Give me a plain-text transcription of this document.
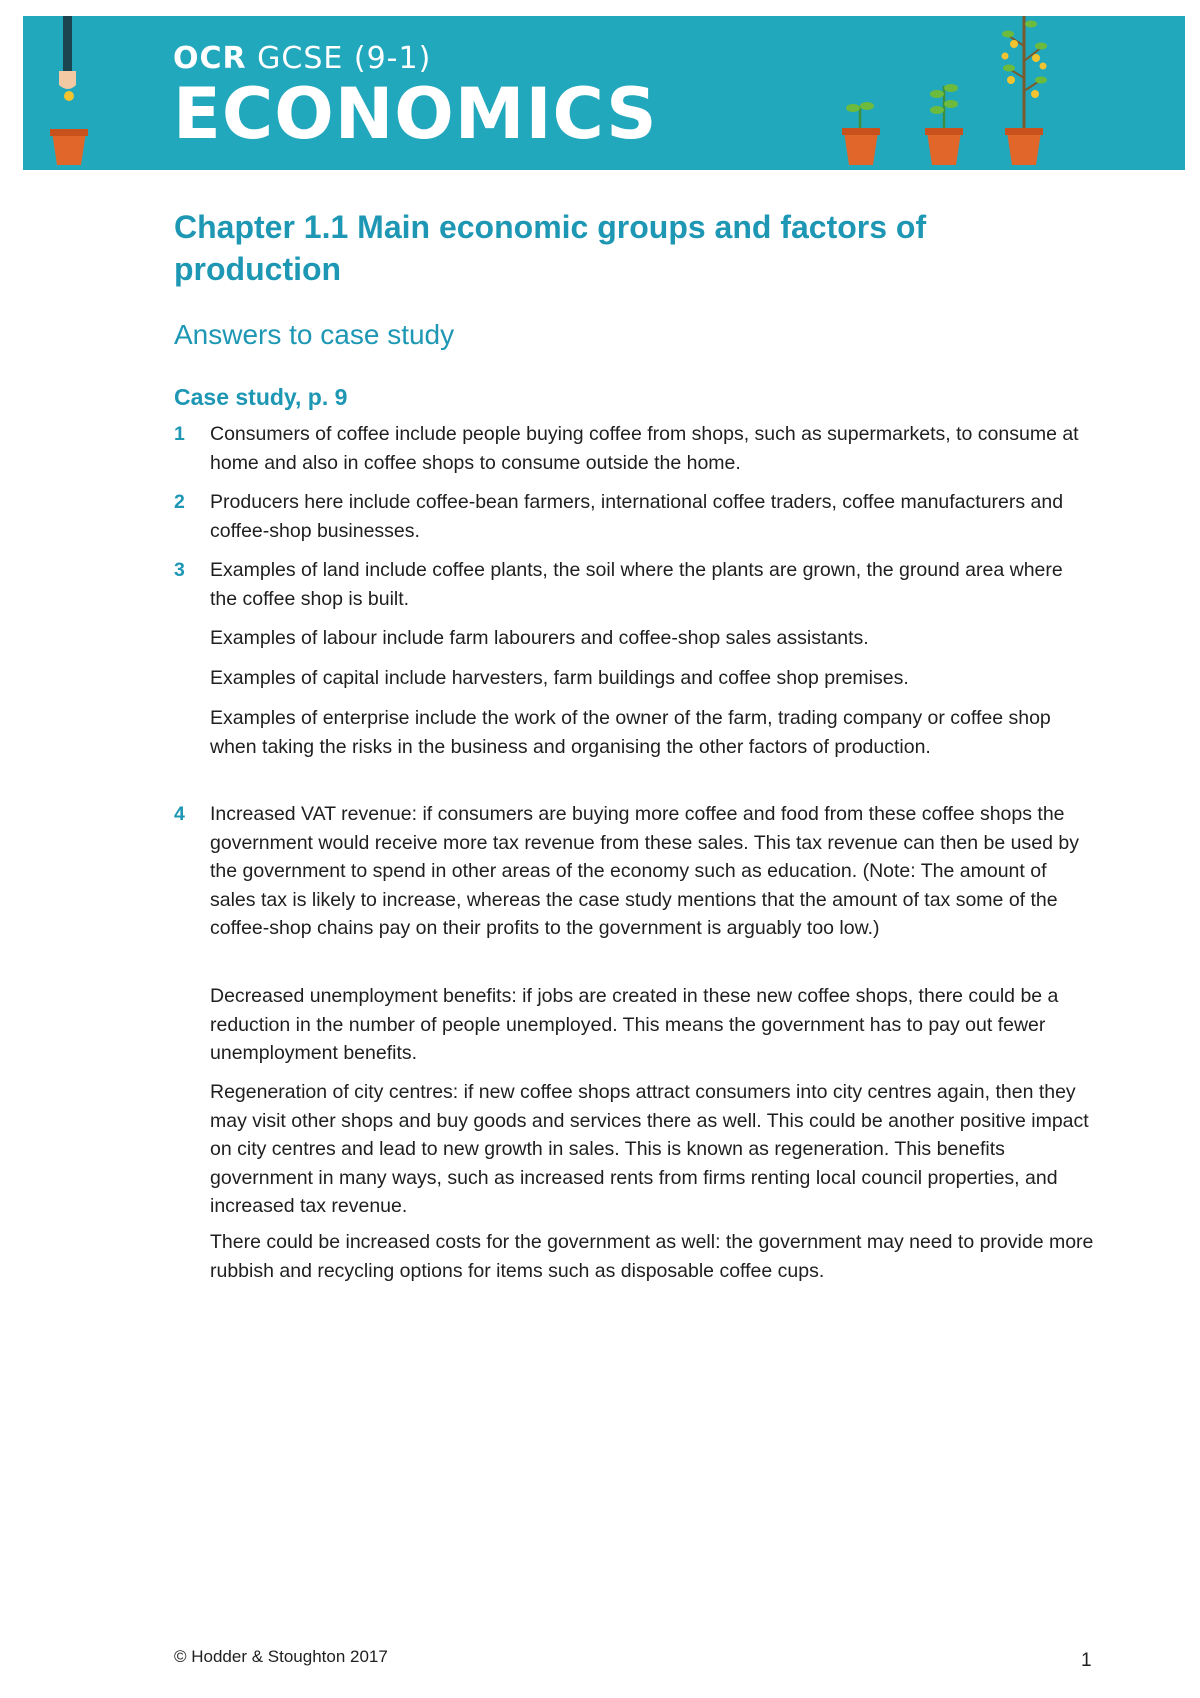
OCR GCSE (9-1)
ECONOMICS
Chapter 1.1 Main economic groups and factors of production
Answers to case study
Case study, p. 9
1	Consumers of coffee include people buying coffee from shops, such as supermarkets, to consume at home and also in coffee shops to consume outside the home.
2	Producers here include coffee-bean farmers, international coffee traders, coffee manufacturers and coffee-shop businesses.
3	Examples of land include coffee plants, the soil where the plants are grown, the ground area where the coffee shop is built.
Examples of labour include farm labourers and coffee-shop sales assistants.
Examples of capital include harvesters, farm buildings and coffee shop premises.
Examples of enterprise include the work of the owner of the farm, trading company or coffee shop when taking the risks in the business and organising the other factors of production.
4	Increased VAT revenue: if consumers are buying more coffee and food from these coffee shops the government would receive more tax revenue from these sales. This tax revenue can then be used by the government to spend in other areas of the economy such as education. (Note: The amount of sales tax is likely to increase, whereas the case study mentions that the amount of tax some of the coffee-shop chains pay on their profits to the government is arguably too low.)
Decreased unemployment benefits: if jobs are created in these new coffee shops, there could be a reduction in the number of people unemployed. This means the government has to pay out fewer unemployment benefits.
Regeneration of city centres: if new coffee shops attract consumers into city centres again, then they may visit other shops and buy goods and services there as well. This could be another positive impact on city centres and lead to new growth in sales. This is known as regeneration. This benefits government in many ways, such as increased rents from firms renting local council properties, and increased tax revenue.
There could be increased costs for the government as well: the government may need to provide more rubbish and recycling options for items such as disposable coffee cups.
© Hodder & Stoughton 2017	1
